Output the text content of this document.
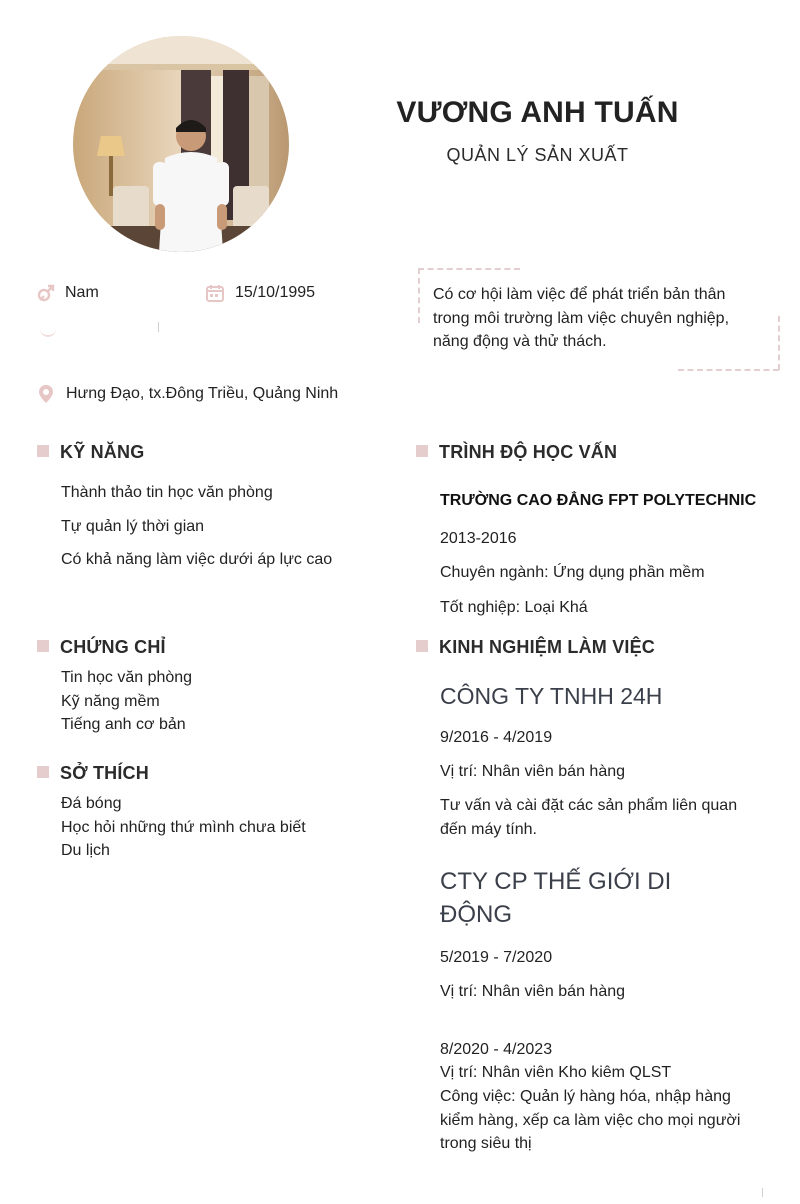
VƯƠNG ANH TUẤN
QUẢN LÝ SẢN XUẤT
Nam	15/10/1995
Hưng Đạo, tx.Đông Triều, Quảng Ninh
Có cơ hội làm việc để phát triển bản thân trong môi trường làm việc chuyên nghiệp, năng động và thử thách.
KỸ NĂNG
Thành thảo tin học văn phòng
Tự quản lý thời gian
Có khả năng làm việc dưới áp lực cao
CHỨNG CHỈ
Tin học văn phòng
Kỹ năng mềm
Tiếng anh cơ bản
SỞ THÍCH
Đá bóng
Học hỏi những thứ mình chưa biết
Du lịch
TRÌNH ĐỘ HỌC VẤN
TRƯỜNG CAO ĐẲNG FPT POLYTECHNIC
2013-2016
Chuyên ngành: Ứng dụng phần mềm
Tốt nghiệp: Loại Khá
KINH NGHIỆM LÀM VIỆC
CÔNG TY TNHH 24H
9/2016 - 4/2019
Vị trí: Nhân viên bán hàng
Tư vấn và cài đặt các sản phẩm liên quan đến máy tính.
CTY CP THẾ GIỚI DI ĐỘNG
5/2019 - 7/2020
Vị trí: Nhân viên bán hàng
8/2020 - 4/2023
Vị trí: Nhân viên Kho kiêm QLST
Công việc: Quản lý hàng hóa, nhập hàng kiểm hàng, xếp ca làm việc cho mọi người trong siêu thị
